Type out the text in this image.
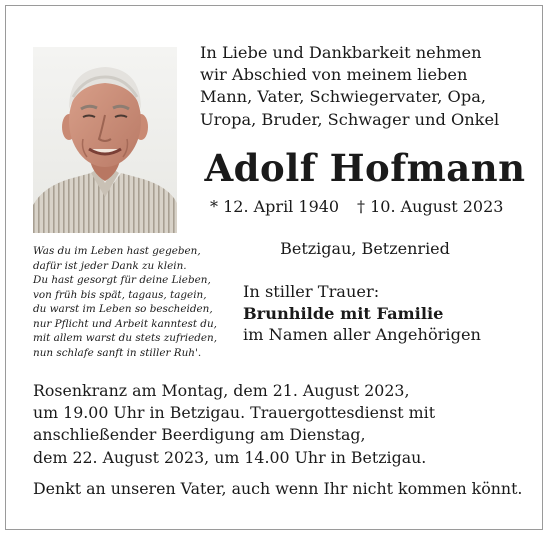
In Liebe und Dankbarkeit nehmen
wir Abschied von meinem lieben
Mann, Vater, Schwiegervater, Opa,
Uropa, Bruder, Schwager und Onkel
Adolf Hofmann
* 12. April 1940 † 10. August 2023
Betzigau, Betzenried
Was du im Leben hast gegeben,
dafür ist jeder Dank zu klein.
Du hast gesorgt für deine Lieben,
von früh bis spät, tagaus, tagein,
du warst im Leben so bescheiden,
nur Pflicht und Arbeit kanntest du,
mit allem warst du stets zufrieden,
nun schlafe sanft in stiller Ruh'.
In stiller Trauer:
Brunhilde mit Familie
im Namen aller Angehörigen
Rosenkranz am Montag, dem 21. August 2023,
um 19.00 Uhr in Betzigau. Trauergottesdienst mit
anschließender Beerdigung am Dienstag,
dem 22. August 2023, um 14.00 Uhr in Betzigau.
Denkt an unseren Vater, auch wenn Ihr nicht kommen könnt.
